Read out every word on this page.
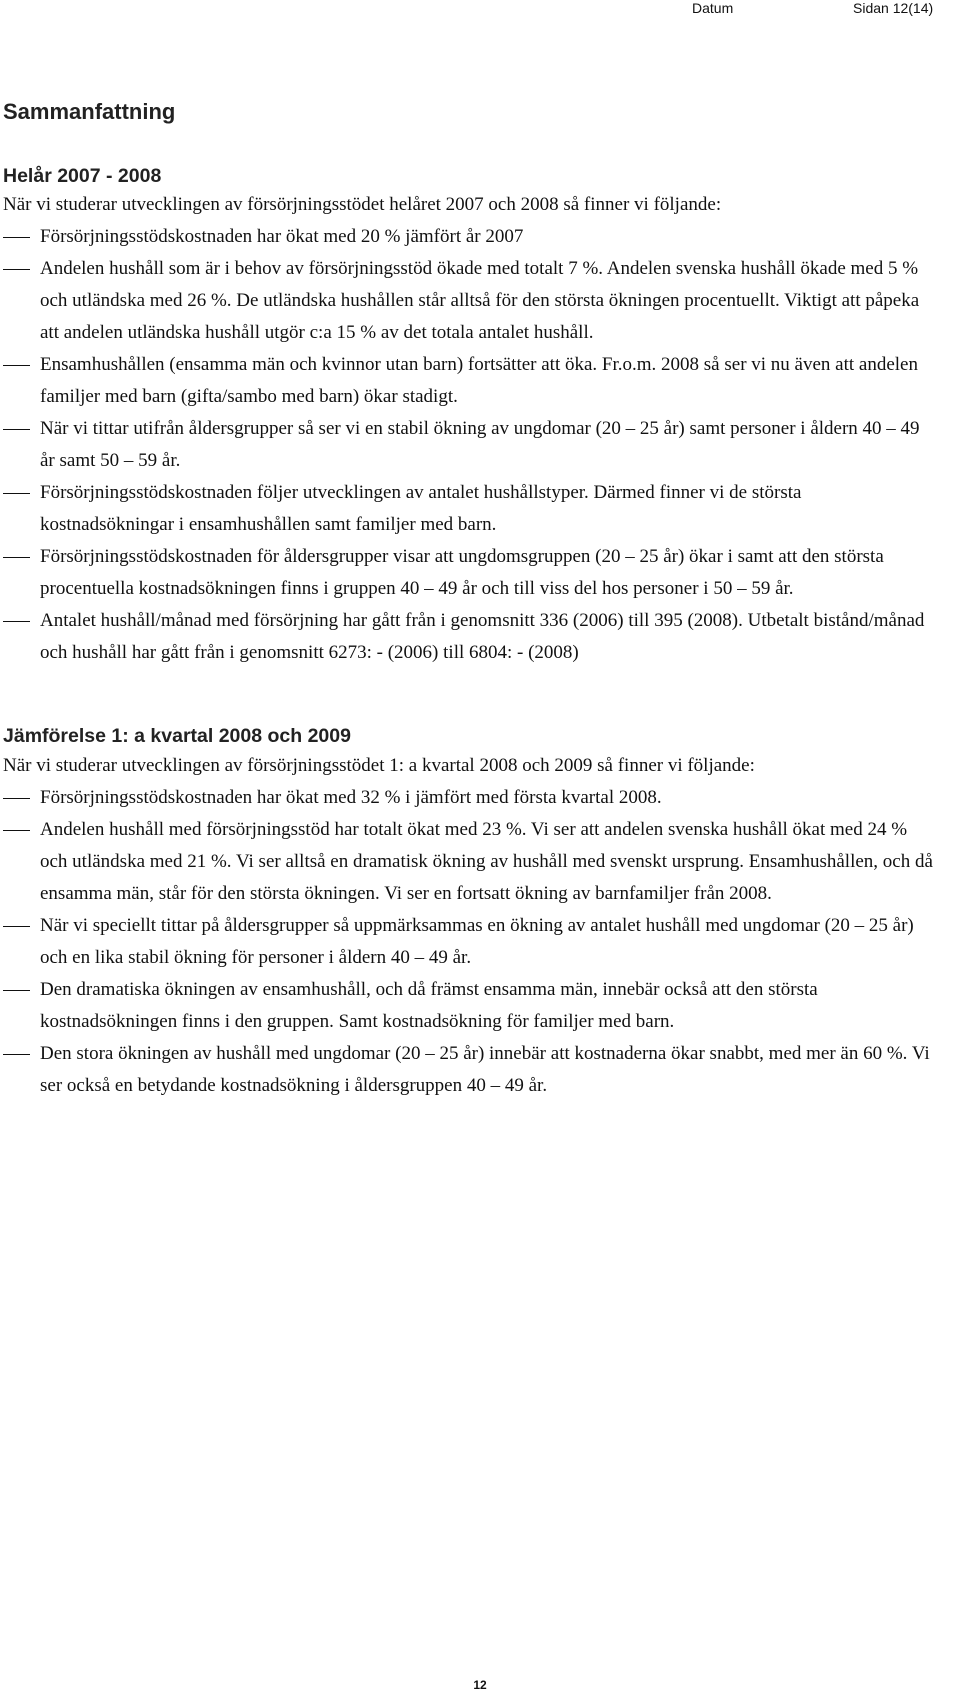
Datum	Sidan 12(14)
Sammanfattning
Helår 2007 - 2008

När vi studerar utvecklingen av försörjningsstödet helåret 2007 och 2008 så finner vi följande:

Försörjningsstödskostnaden har ökat med 20 % jämfört år 2007
Andelen hushåll som är i behov av försörjningsstöd ökade med totalt 7 %. Andelen svenska hushåll ökade med 5 % och utländska med 26 %. De utländska hushållen står alltså för den största ökningen procentuellt. Viktigt att påpeka att andelen utländska hushåll utgör c:a 15 % av det totala antalet hushåll.
Ensamhushållen (ensamma män och kvinnor utan barn) fortsätter att öka. Fr.o.m. 2008 så ser vi nu även att andelen familjer med barn (gifta/sambo med barn) ökar stadigt.
När vi tittar utifrån åldersgrupper så ser vi en stabil ökning av ungdomar (20 – 25 år) samt personer i åldern 40 – 49 år samt 50 – 59 år.
Försörjningsstödskostnaden följer utvecklingen av antalet hushållstyper. Därmed finner vi de största kostnadsökningar i ensamhushållen samt familjer med barn.
Försörjningsstödskostnaden för åldersgrupper visar att ungdomsgruppen (20 – 25 år) ökar i samt att den största procentuella kostnadsökningen finns i gruppen 40 – 49 år och till viss del hos personer i 50 – 59 år.
Antalet hushåll/månad med försörjning har gått från i genomsnitt 336 (2006) till 395 (2008). Utbetalt bistånd/månad och hushåll har gått från i genomsnitt 6273: - (2006) till 6804: - (2008)
Jämförelse 1: a kvartal 2008 och 2009

När vi studerar utvecklingen av försörjningsstödet 1: a kvartal 2008 och 2009 så finner vi följande:

Försörjningsstödskostnaden har ökat med 32 % i jämfört med första kvartal 2008.
Andelen hushåll med försörjningsstöd har totalt ökat med 23 %. Vi ser att andelen svenska hushåll ökat med 24 % och utländska med 21 %. Vi ser alltså en dramatisk ökning av hushåll med svenskt ursprung. Ensamhushållen, och då ensamma män, står för den största ökningen. Vi ser en fortsatt ökning av barnfamiljer från 2008.
När vi speciellt tittar på åldersgrupper så uppmärksammas en ökning av antalet hushåll med ungdomar (20 – 25 år) och en lika stabil ökning för personer i åldern 40 – 49 år.
Den dramatiska ökningen av ensamhushåll, och då främst ensamma män, innebär också att den största kostnadsökningen finns i den gruppen. Samt kostnadsökning för familjer med barn.
Den stora ökningen av hushåll med ungdomar (20 – 25 år) innebär att kostnaderna ökar snabbt, med mer än 60 %. Vi ser också en betydande kostnadsökning i åldersgruppen 40 – 49 år.
12
